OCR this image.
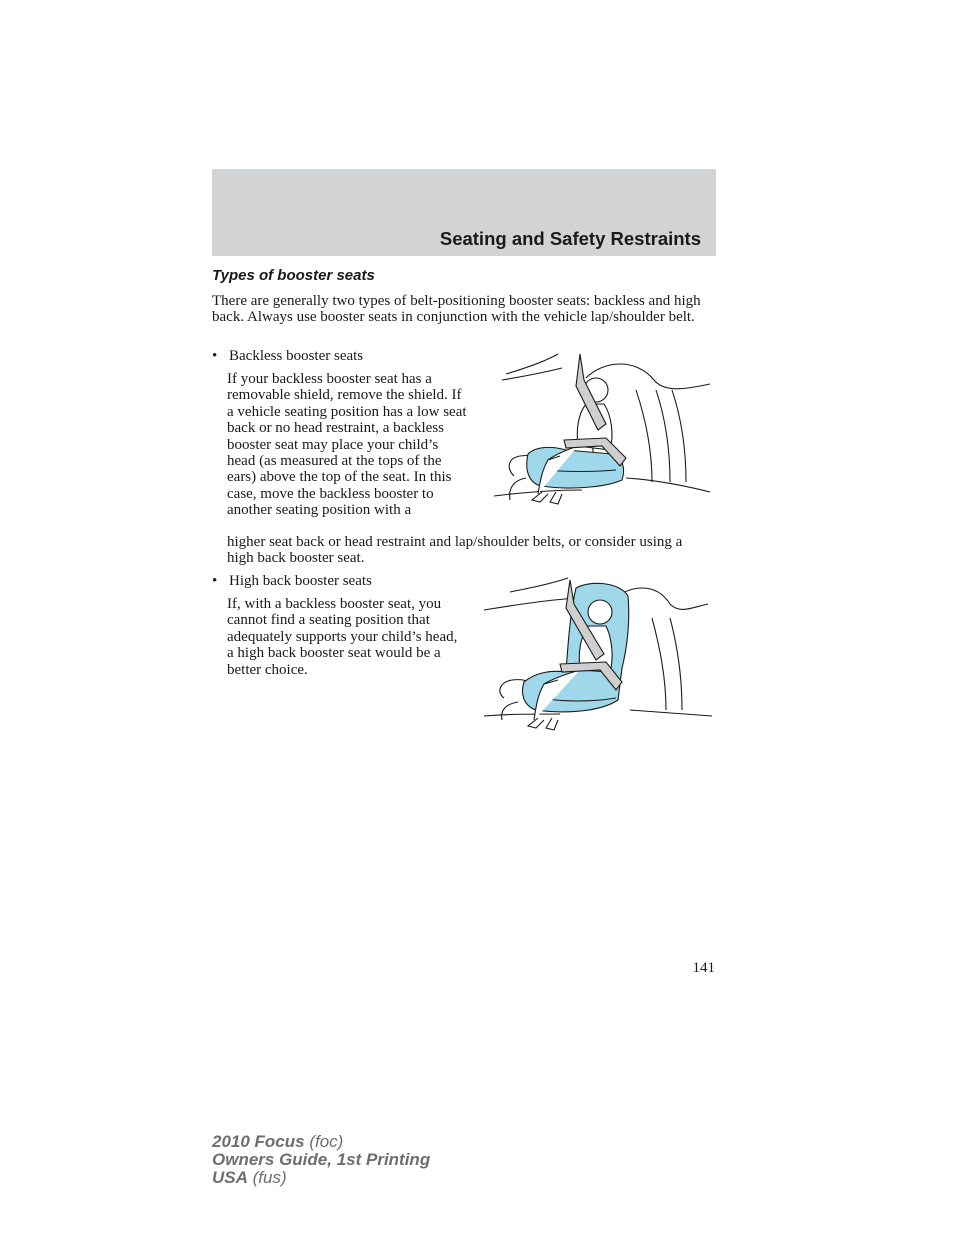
Seating and Safety Restraints
Types of booster seats
There are generally two types of belt-positioning booster seats: backless and high back. Always use booster seats in conjunction with the vehicle lap/shoulder belt.
• Backless booster seats
If your backless booster seat has a removable shield, remove the shield. If a vehicle seating position has a low seat back or no head restraint, a backless booster seat may place your child’s head (as measured at the tops of the ears) above the top of the seat. In this case, move the backless booster to another seating position with a
higher seat back or head restraint and lap/shoulder belts, or consider using a high back booster seat.
• High back booster seats
If, with a backless booster seat, you cannot find a seating position that adequately supports your child’s head, a high back booster seat would be a better choice.
141
2010 Focus (foc)
Owners Guide, 1st Printing
USA (fus)
